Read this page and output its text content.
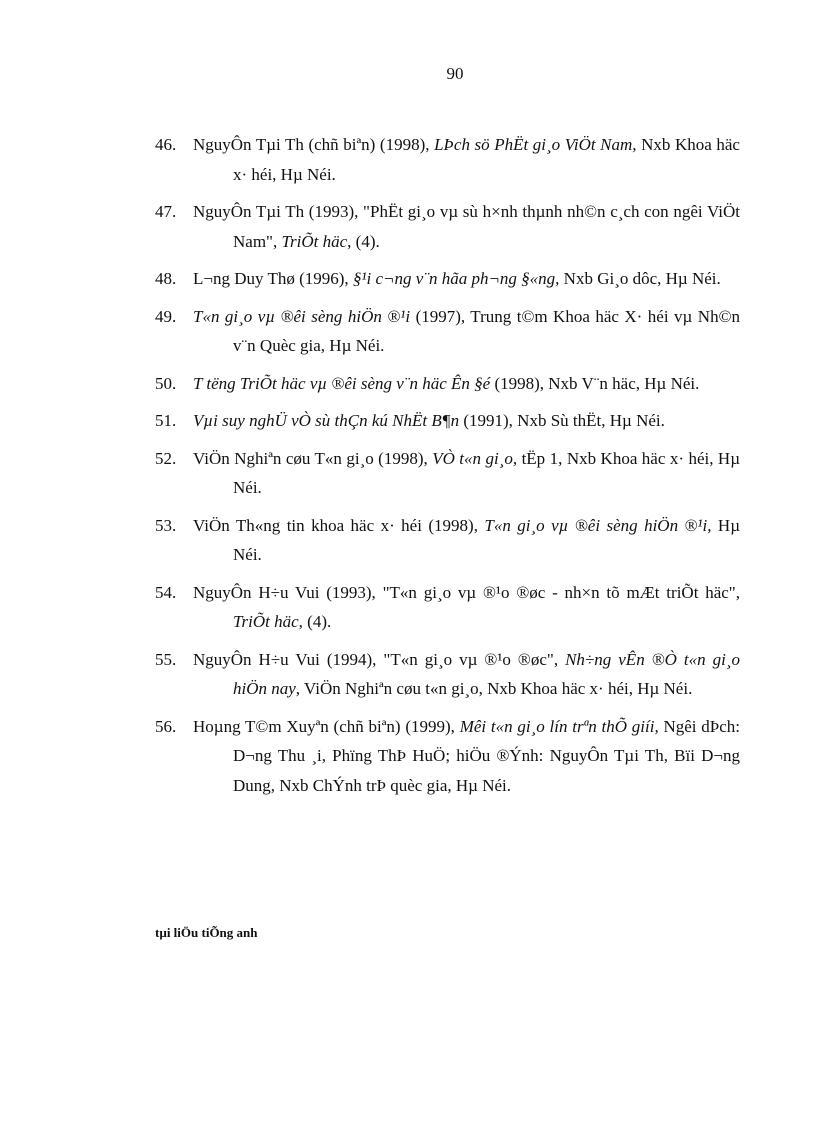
90
46. NguyÔn Tµi Th (chñ biªn) (1998), LÞch sö PhËt gi¸o ViÖt Nam, Nxb Khoa häc x· héi, Hµ Néi.
47. NguyÔn Tµi Th (1993), "PhËt gi¸o vµ sù h×nh thµnh nh©n c¸ch con ngêi ViÖt Nam", TriÕt häc, (4).
48. L¬ng Duy Thø (1996), §¹i c¬ng v¨n hãa ph¬ng §«ng, Nxb Gi¸o dôc, Hµ Néi.
49. T«n gi¸o vµ ®êi sèng hiÖn ®¹i (1997), Trung t©m Khoa häc X· héi vµ Nh©n v¨n Quèc gia, Hµ Néi.
50. T tëng TriÕt häc vµ ®êi sèng v¨n häc Ên §é (1998), Nxb V¨n häc, Hµ Néi.
51. Vµi suy nghÜ vÒ sù thÇn kú NhËt B¶n (1991), Nxb Sù thËt, Hµ Néi.
52. ViÖn Nghiªn cøu T«n gi¸o (1998), VÒ t«n gi¸o, tËp 1, Nxb Khoa häc x· héi, Hµ Néi.
53. ViÖn Th«ng tin khoa häc x· héi (1998), T«n gi¸o vµ ®êi sèng hiÖn ®¹i, Hµ Néi.
54. NguyÔn H÷u Vui (1993), "T«n gi¸o vµ ®¹o ®øc - nh×n tõ mÆt triÕt häc", TriÕt häc, (4).
55. NguyÔn H÷u Vui (1994), "T«n gi¸o vµ ®¹o ®øc", Nh÷ng vÊn ®Ò t«n gi¸o hiÖn nay, ViÖn Nghiªn cøu t«n gi¸o, Nxb Khoa häc x· héi, Hµ Néi.
56. Hoµng T©m Xuyªn (chñ biªn) (1999), Mêi t«n gi¸o lín trªn thÕ giíi, Ngêi dÞch: D¬ng Thu ¸i, Phïng ThÞ HuÖ; hiÖu ®Ýnh: NguyÔn Tµi Th, Bïi D¬ng Dung, Nxb ChÝnh trÞ quèc gia, Hµ Néi.
tµi liÖu tiÕng anh
